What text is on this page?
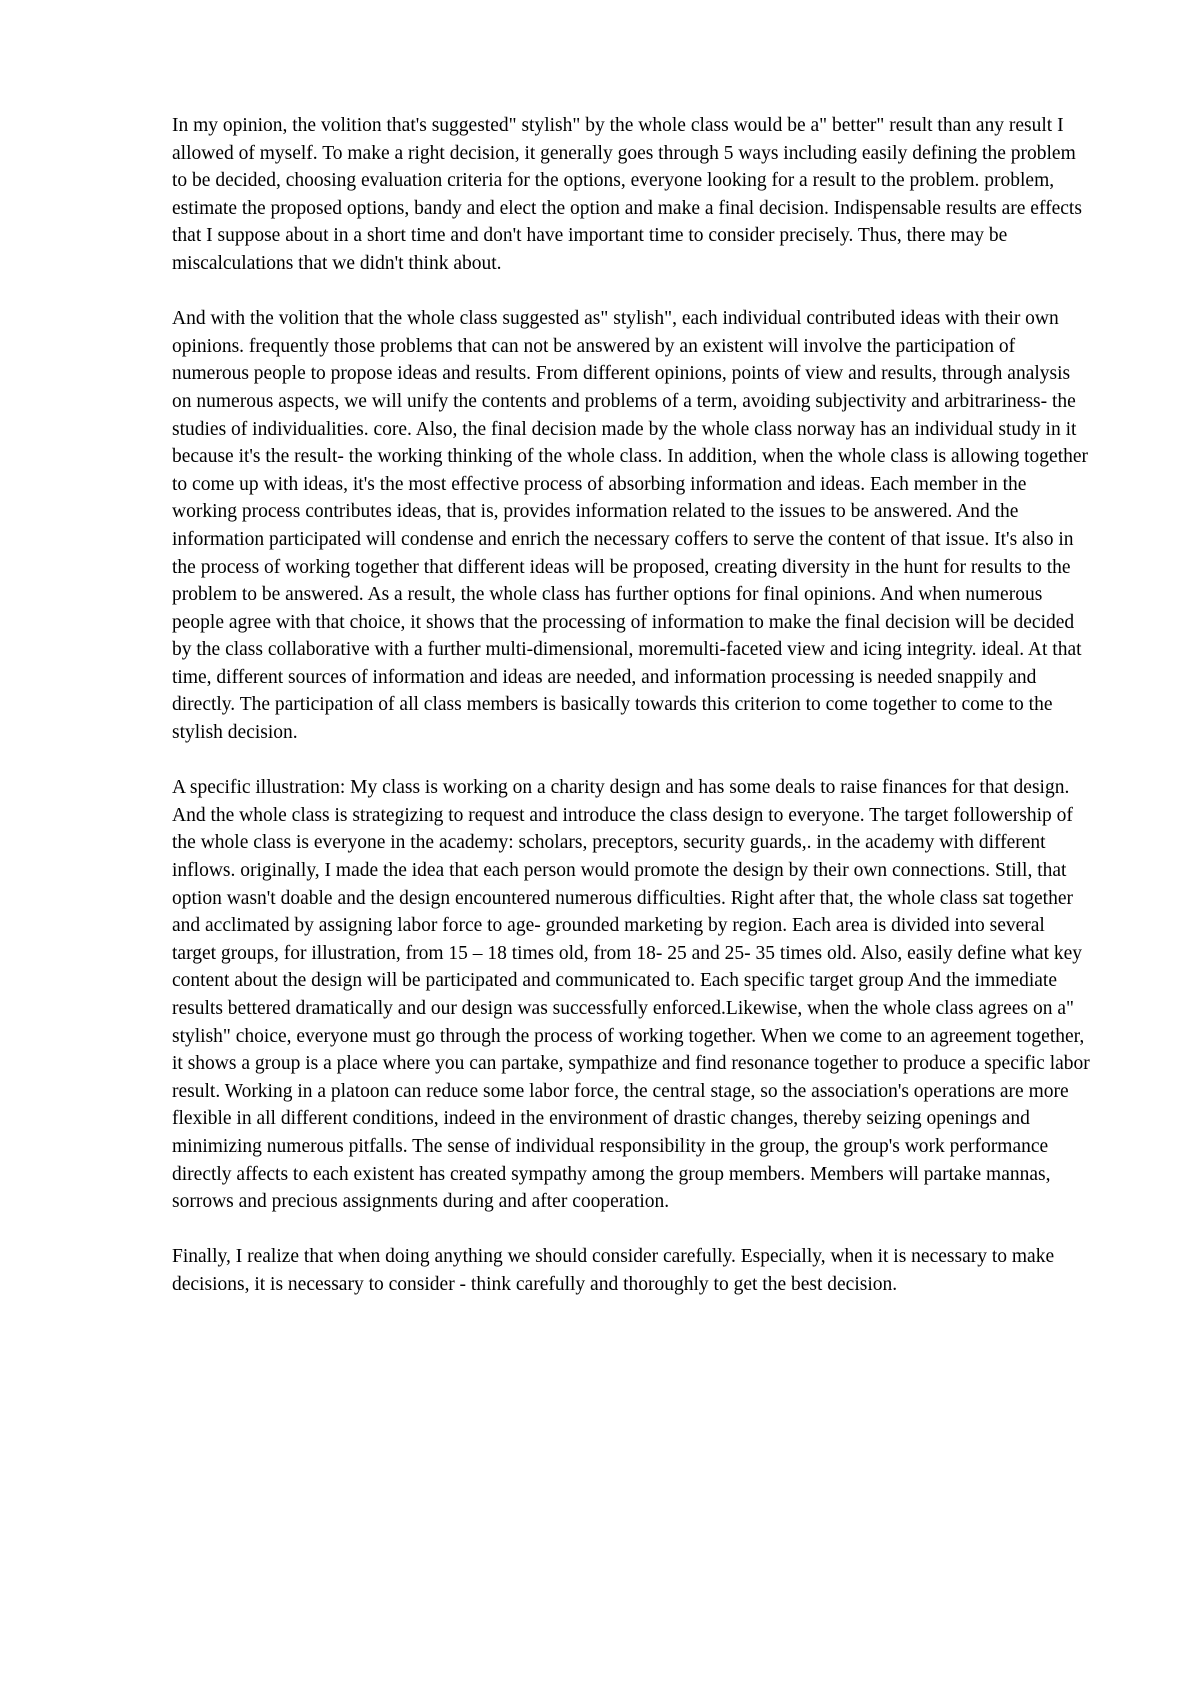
In my opinion, the volition that's suggested" stylish" by the whole class would be a" better" result than any result I allowed of myself. To make a right decision, it generally goes through 5 ways including easily defining the problem to be decided, choosing evaluation criteria for the options, everyone looking for a result to the problem. problem, estimate the proposed options, bandy and elect the option and make a final decision. Indispensable results are effects that I suppose about in a short time and don't have important time to consider precisely. Thus, there may be miscalculations that we didn't think about.

And with the volition that the whole class suggested as" stylish", each individual contributed ideas with their own opinions. frequently those problems that can not be answered by an existent will involve the participation of numerous people to propose ideas and results. From different opinions, points of view and results, through analysis on numerous aspects, we will unify the contents and problems of a term, avoiding subjectivity and arbitrariness- the studies of individualities. core. Also, the final decision made by the whole class norway has an individual study in it because it's the result- the working thinking of the whole class. In addition, when the whole class is allowing together to come up with ideas, it's the most effective process of absorbing information and ideas. Each member in the working process contributes ideas, that is, provides information related to the issues to be answered. And the information participated will condense and enrich the necessary coffers to serve the content of that issue. It's also in the process of working together that different ideas will be proposed, creating diversity in the hunt for results to the problem to be answered. As a result, the whole class has further options for final opinions. And when numerous people agree with that choice, it shows that the processing of information to make the final decision will be decided by the class collaborative with a further multi-dimensional, moremulti-faceted view and icing integrity. ideal. At that time, different sources of information and ideas are needed, and information processing is needed snappily and directly. The participation of all class members is basically towards this criterion to come together to come to the stylish decision.

A specific illustration: My class is working on a charity design and has some deals to raise finances for that design. And the whole class is strategizing to request and introduce the class design to everyone. The target followership of the whole class is everyone in the academy: scholars, preceptors, security guards,. in the academy with different inflows. originally, I made the idea that each person would promote the design by their own connections. Still, that option wasn't doable and the design encountered numerous difficulties. Right after that, the whole class sat together and acclimated by assigning labor force to age- grounded marketing by region. Each area is divided into several target groups, for illustration, from 15 – 18 times old, from 18- 25 and 25- 35 times old. Also, easily define what key content about the design will be participated and communicated to. Each specific target group And the immediate results bettered dramatically and our design was successfully enforced.Likewise, when the whole class agrees on a" stylish" choice, everyone must go through the process of working together. When we come to an agreement together, it shows a group is a place where you can partake, sympathize and find resonance together to produce a specific labor result. Working in a platoon can reduce some labor force, the central stage, so the association's operations are more flexible in all different conditions, indeed in the environment of drastic changes, thereby seizing openings and minimizing numerous pitfalls. The sense of individual responsibility in the group, the group's work performance directly affects to each existent has created sympathy among the group members. Members will partake mannas, sorrows and precious assignments during and after cooperation.

Finally, I realize that when doing anything we should consider carefully. Especially, when it is necessary to make decisions, it is necessary to consider - think carefully and thoroughly to get the best decision.
